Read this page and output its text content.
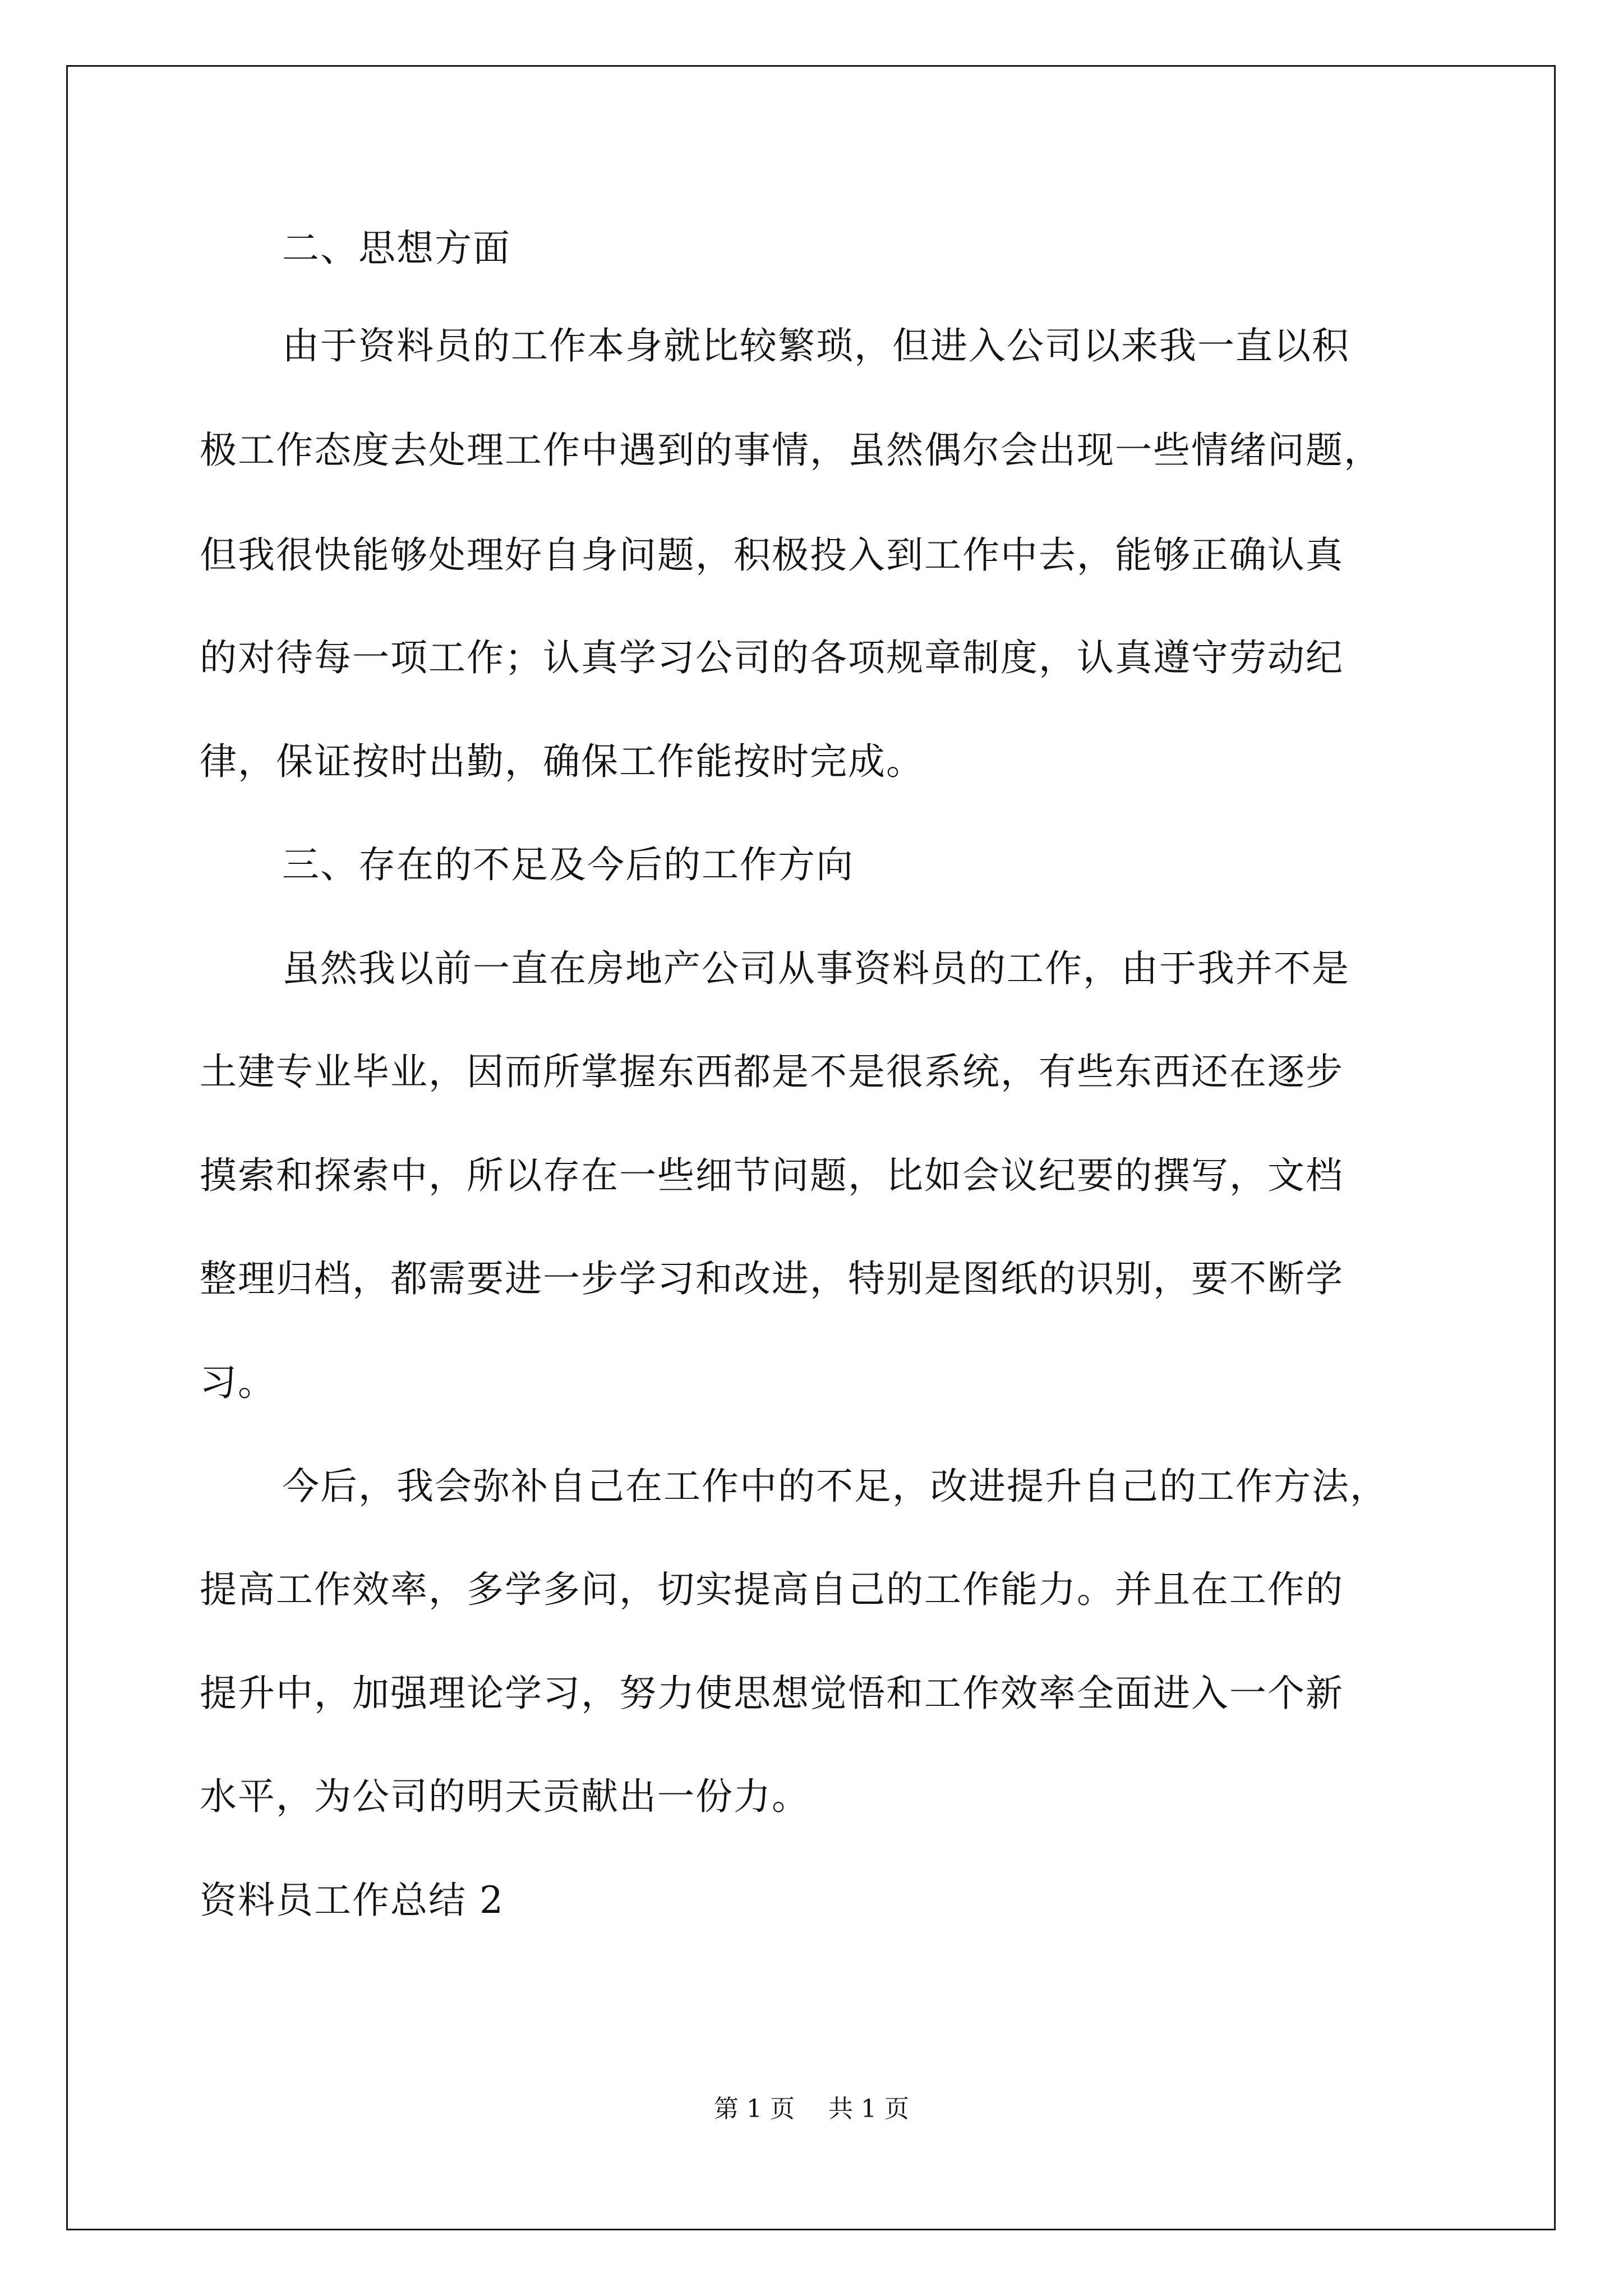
二、思想方面
由于资料员的工作本身就比较繁琐，但进入公司以来我一直以积
极工作态度去处理工作中遇到的事情，虽然偶尔会出现一些情绪问题，
但我很快能够处理好自身问题，积极投入到工作中去，能够正确认真
的对待每一项工作；认真学习公司的各项规章制度，认真遵守劳动纪
律，保证按时出勤，确保工作能按时完成。
三、存在的不足及今后的工作方向
虽然我以前一直在房地产公司从事资料员的工作，由于我并不是
土建专业毕业，因而所掌握东西都是不是很系统，有些东西还在逐步
摸索和探索中，所以存在一些细节问题，比如会议纪要的撰写，文档
整理归档，都需要进一步学习和改进，特别是图纸的识别，要不断学
习。
今后，我会弥补自己在工作中的不足，改进提升自己的工作方法，
提高工作效率，多学多问，切实提高自己的工作能力。并且在工作的
提升中，加强理论学习，努力使思想觉悟和工作效率全面进入一个新
水平，为公司的明天贡献出一份力。
资料员工作总结 2
第 1 页 共 1 页
